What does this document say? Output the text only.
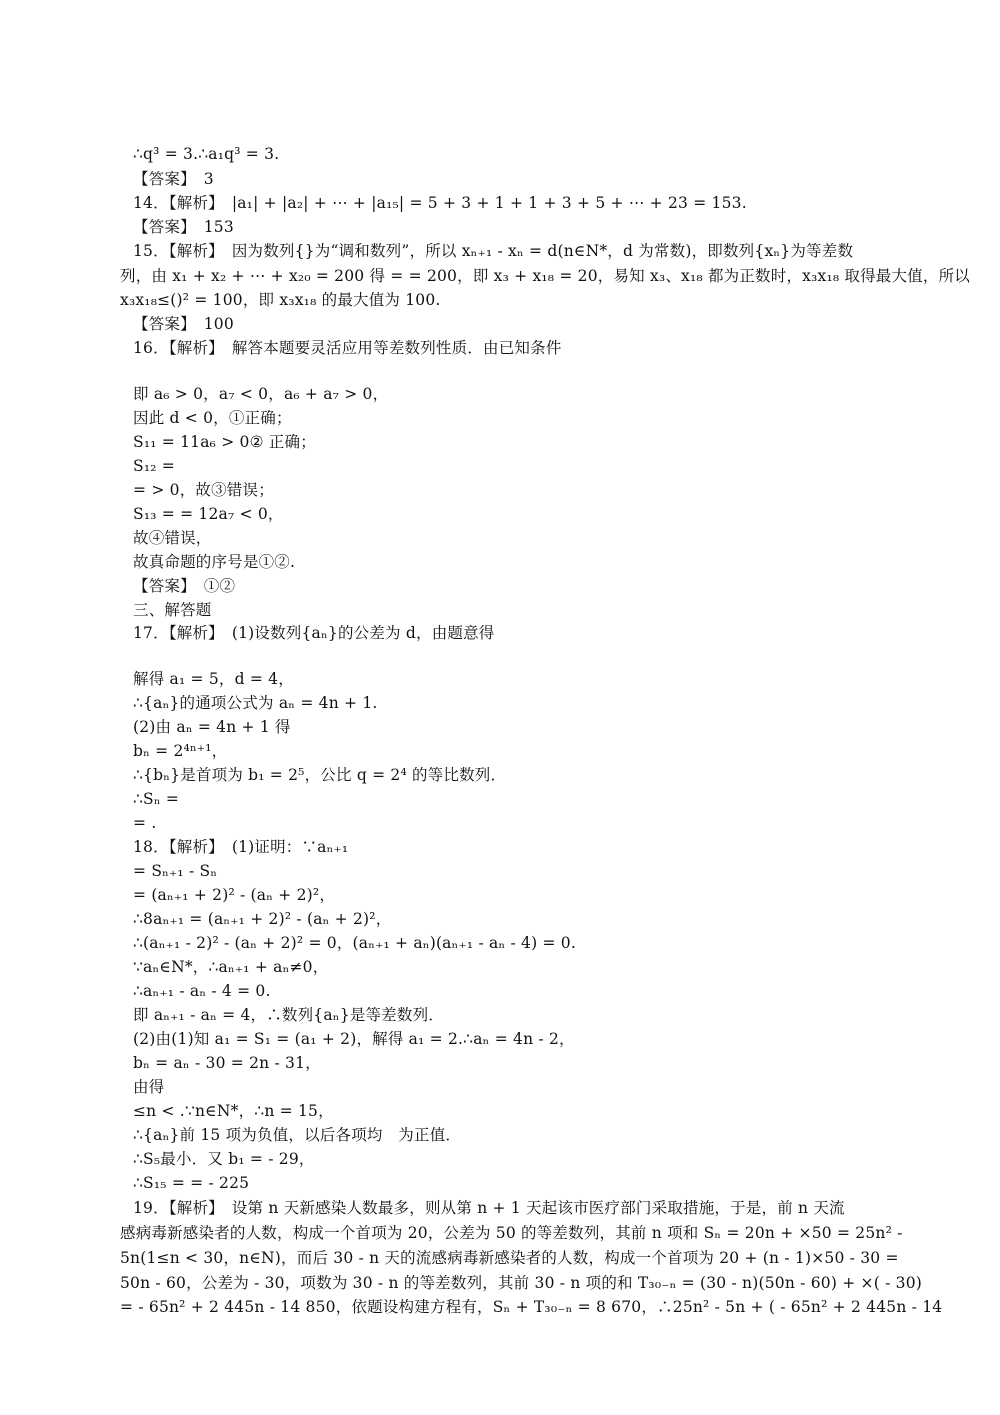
∴q³ = 3.∴a₁q³ = 3.
【答案】　3
14．【解析】　|a₁| + |a₂| + ⋯ + |a₁₅| = 5 + 3 + 1 + 1 + 3 + 5 + ⋯ + 23 = 153.
【答案】　153
15．【解析】　因为数列{}为“调和数列”，所以 xₙ₊₁ - xₙ = d(n∈N*，d 为常数)，即数列{xₙ}为等差数
列，由 x₁ + x₂ + ⋯ + x₂₀ = 200 得 = = 200，即 x₃ + x₁₈ = 20，易知 x₃、x₁₈ 都为正数时，x₃x₁₈ 取得最大值，所以
x₃x₁₈≤()² = 100，即 x₃x₁₈ 的最大值为 100.
【答案】　100
16．【解析】　解答本题要灵活应用等差数列性质．由已知条件
即 a₆ > 0，a₇ < 0，a₆ + a₇ > 0，
因此 d < 0，①正确；
S₁₁ = 11a₆ > 0② 正确；
S₁₂ =
= > 0，故③错误；
S₁₃ = = 12a₇ < 0，
故④错误，
故真命题的序号是①②.
【答案】　①②
三、解答题
17．【解析】　(1)设数列{aₙ}的公差为 d，由题意得
解得 a₁ = 5，d = 4，
∴{aₙ}的通项公式为 aₙ = 4n + 1.
(2)由 aₙ = 4n + 1 得
bₙ = 2⁴ⁿ⁺¹，
∴{bₙ}是首项为 b₁ = 2⁵，公比 q = 2⁴ 的等比数列．
∴Sₙ =
= .
18．【解析】　(1)证明：∵aₙ₊₁
= Sₙ₊₁ - Sₙ
= (aₙ₊₁ + 2)² - (aₙ + 2)²，
∴8aₙ₊₁ = (aₙ₊₁ + 2)² - (aₙ + 2)²，
∴(aₙ₊₁ - 2)² - (aₙ + 2)² = 0，(aₙ₊₁ + aₙ)(aₙ₊₁ - aₙ - 4) = 0.
∵aₙ∈N*，∴aₙ₊₁ + aₙ≠0，
∴aₙ₊₁ - aₙ - 4 = 0.
即 aₙ₊₁ - aₙ = 4，∴数列{aₙ}是等差数列．
(2)由(1)知 a₁ = S₁ = (a₁ + 2)，解得 a₁ = 2.∴aₙ = 4n - 2，
bₙ = aₙ - 30 = 2n - 31，
由得
≤n < .∵n∈N*，∴n = 15，
∴{aₙ}前 15 项为负值，以后各项均　为正值．
∴S₅最小．又 b₁ = - 29，
∴S₁₅ = = - 225
19．【解析】　设第 n 天新感染人数最多，则从第 n + 1 天起该市医疗部门采取措施，于是，前 n 天流
感病毒新感染者的人数，构成一个首项为 20，公差为 50 的等差数列，其前 n 项和 Sₙ = 20n + ×50 = 25n² -
5n(1≤n < 30，n∈N)，而后 30 - n 天的流感病毒新感染者的人数，构成一个首项为 20 + (n - 1)×50 - 30 =
50n - 60，公差为 - 30，项数为 30 - n 的等差数列，其前 30 - n 项的和 T₃₀₋ₙ = (30 - n)(50n - 60) + ×( - 30)
= - 65n² + 2 445n - 14 850，依题设构建方程有，Sₙ + T₃₀₋ₙ = 8 670，∴25n² - 5n + ( - 65n² + 2 445n - 14
